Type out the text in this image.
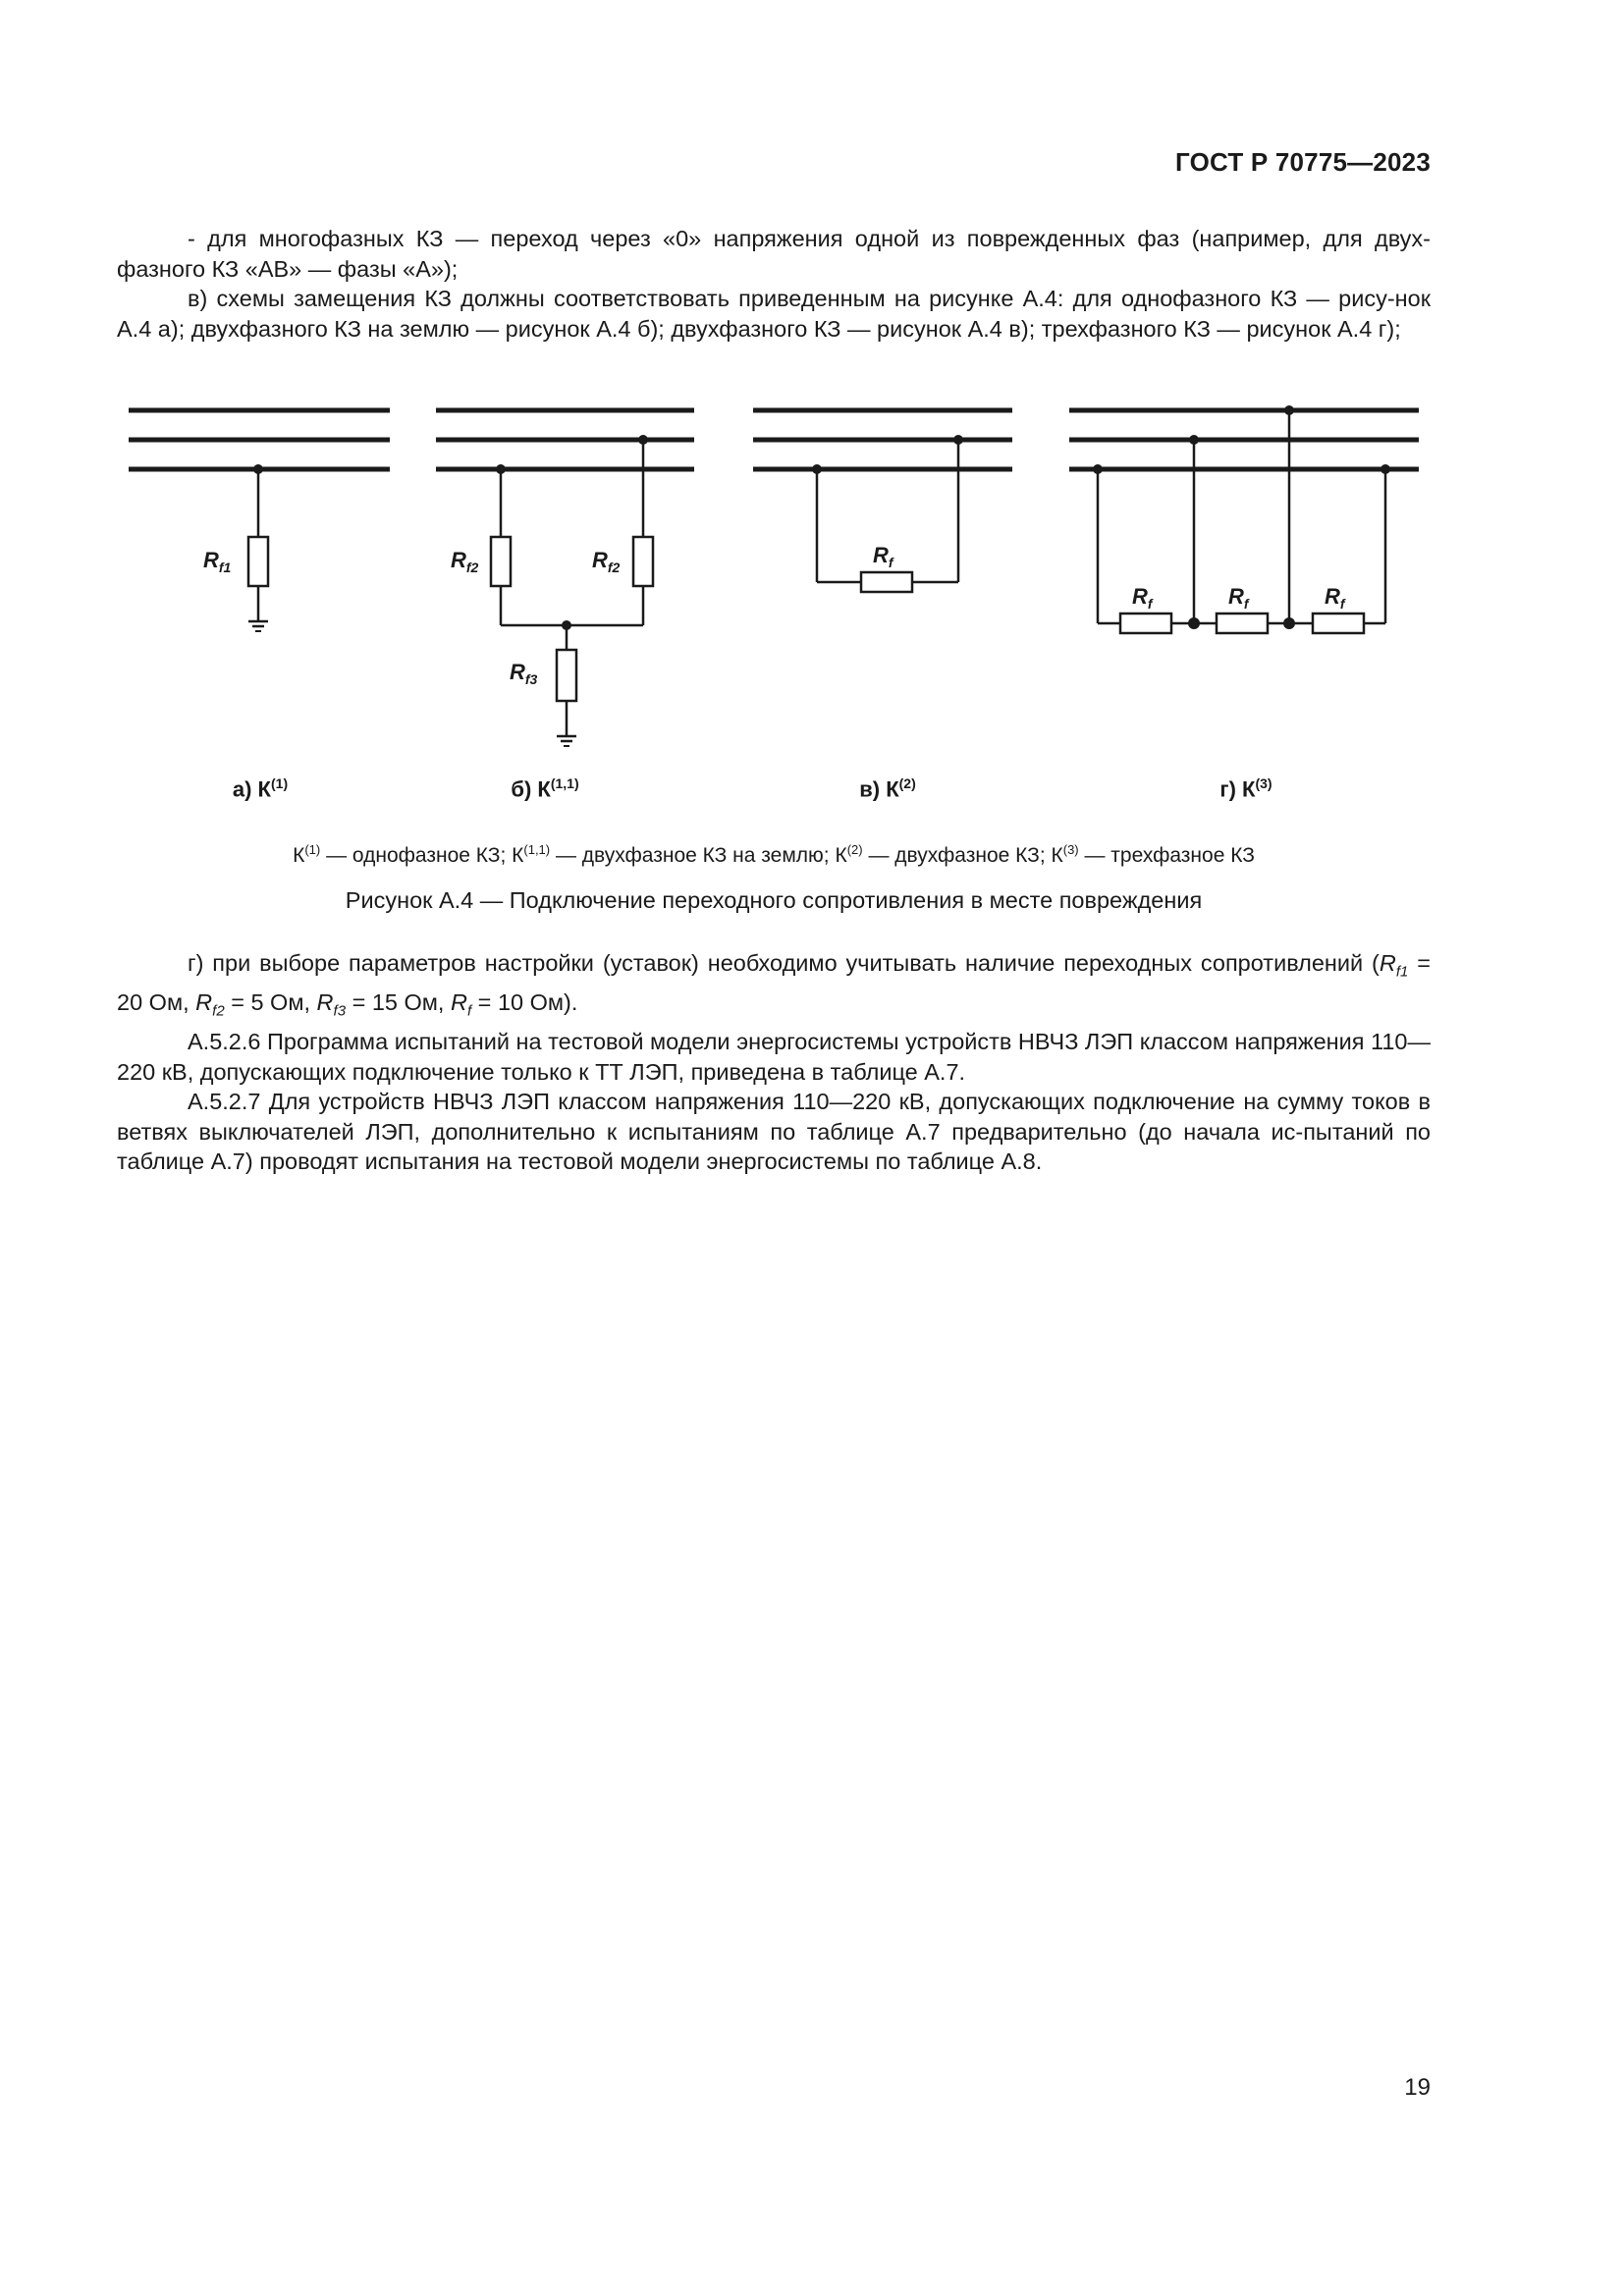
ГОСТ Р 70775—2023

- для многофазных КЗ — переход через «0» напряжения одной из поврежденных фаз (например, для двух-фазного КЗ «АВ» — фазы «А»);

в) схемы замещения КЗ должны соответствовать приведенным на рисунке А.4: для однофазного КЗ — рису-нок А.4 а); двухфазного КЗ на землю — рисунок А.4 б); двухфазного КЗ — рисунок А.4 в); трехфазного КЗ — рисунок А.4 г);

$R_{f1}$	$R_{f2}$	$R_{f2}$
$R_{f3}$
$R_f$
$R_f$	$R_f$	$R_f$
а) $К^{(1)}$	б) К$^{(1,1)}$	в) $К^{(2)}$	г) $К^{(3)}$
$К^{(1)}$ — однофазное КЗ; К$^{(1,1)}$ — двухфазное КЗ на землю; $К^{(2)}$ — двухфазное КЗ; $К^{(3)}$ — трехфазное КЗ
Рисунок А.4 — Подключение переходного сопротивления в месте повреждения

г) при выборе параметров настройки (уставок) необходимо учитывать наличие переходных сопротивлений ($R_{f1} = 20$ Ом, $R_{f2} = 5$ Ом, $R_{f3} = 15$ Ом, $R_f = 10$ Ом).

А.5.2.6 Программа испытаний на тестовой модели энергосистемы устройств НВЧЗ ЛЭП классом напряжения 110—220 кВ, допускающих подключение только к ТТ ЛЭП, приведена в таблице А.7.

А.5.2.7 Для устройств НВЧЗ ЛЭП классом напряжения 110—220 кВ, допускающих подключение на сумму токов в ветвях выключателей ЛЭП, дополнительно к испытаниям по таблице А.7 предварительно (до начала ис-пытаний по таблице А.7) проводят испытания на тестовой модели энергосистемы по таблице А.8.

19
